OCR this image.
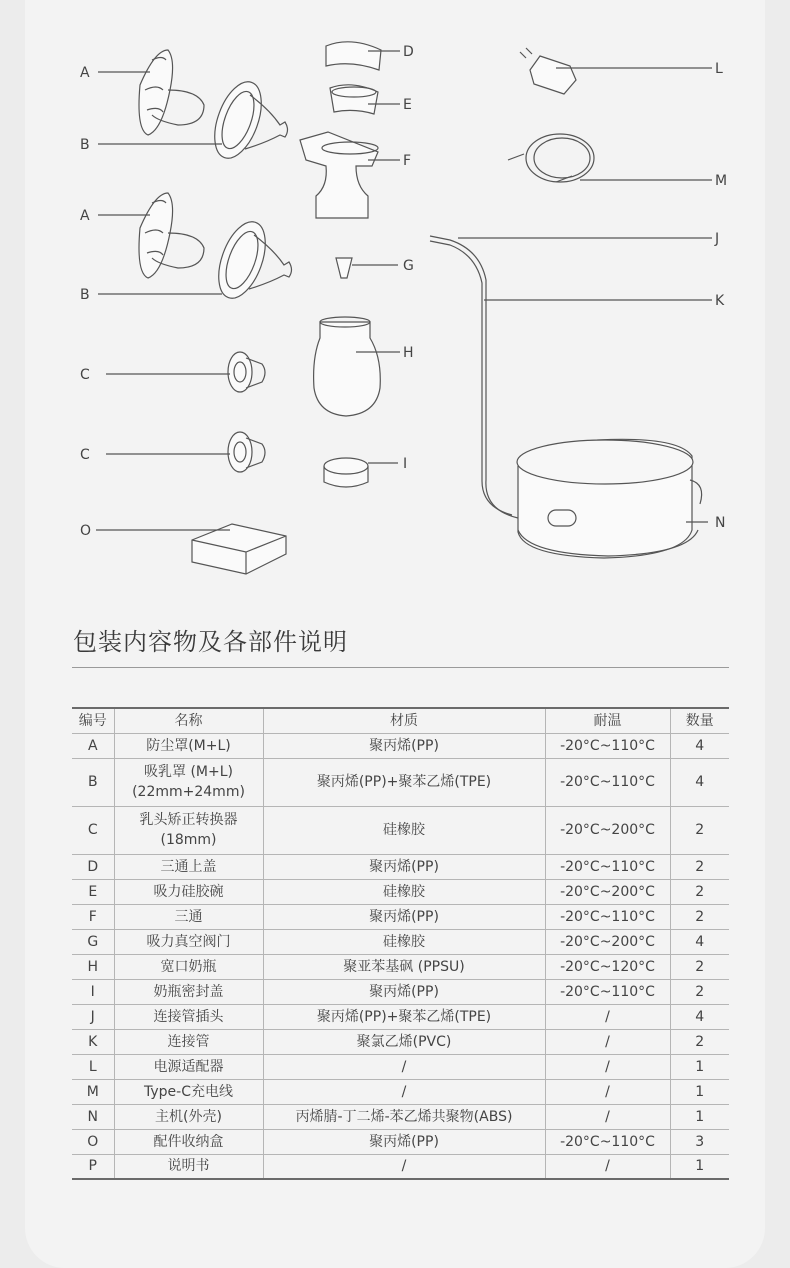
A
B
A
B
C
C
O
D
E
F
G
H
I
L
M
J
K
N
包装内容物及各部件说明
编号	名称	材质	耐温	数量
A	防尘罩(M+L)	聚丙烯(PP)	-20°C~110°C	4
B	吸乳罩 (M+L)
(22mm+24mm)	聚丙烯(PP)+聚苯乙烯(TPE)	-20°C~110°C	4
C	乳头矫正转换器
(18mm)	硅橡胶	-20°C~200°C	2
D	三通上盖	聚丙烯(PP)	-20°C~110°C	2
E	吸力硅胶碗	硅橡胶	-20°C~200°C	2
F	三通	聚丙烯(PP)	-20°C~110°C	2
G	吸力真空阀门	硅橡胶	-20°C~200°C	4
H	宽口奶瓶	聚亚苯基砜 (PPSU)	-20°C~120°C	2
I	奶瓶密封盖	聚丙烯(PP)	-20°C~110°C	2
J	连接管插头	聚丙烯(PP)+聚苯乙烯(TPE)	/	4
K	连接管	聚氯乙烯(PVC)	/	2
L	电源适配器	/	/	1
M	Type-C充电线	/	/	1
N	主机(外壳)	丙烯腈-丁二烯-苯乙烯共聚物(ABS)	/	1
O	配件收纳盒	聚丙烯(PP)	-20°C~110°C	3
P	说明书	/	/	1
